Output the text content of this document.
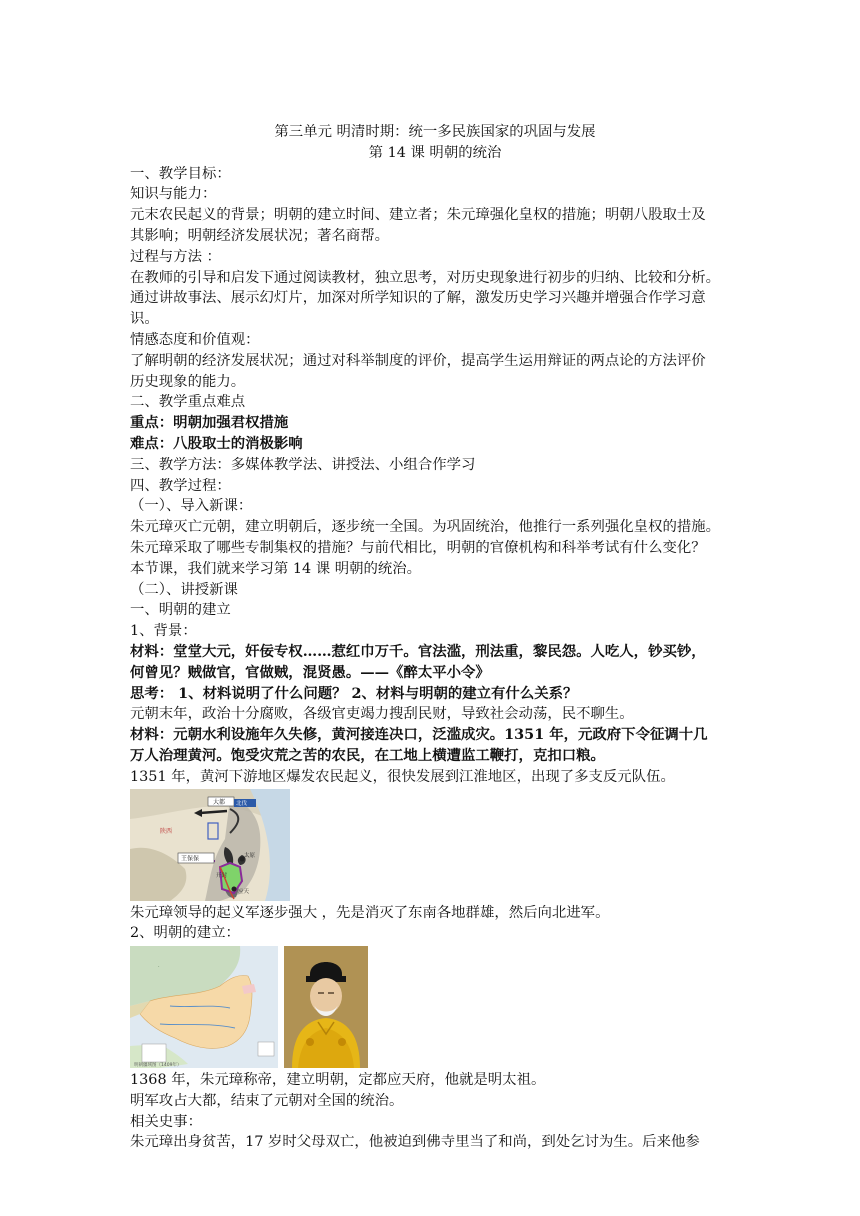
第三单元 明清时期：统一多民族国家的巩固与发展
第 14 课 明朝的统治
一、教学目标：
知识与能力：
元末农民起义的背景；明朝的建立时间、建立者；朱元璋强化皇权的措施；明朝八股取士及
其影响；明朝经济发展状况；著名商帮。
过程与方法 ：
在教师的引导和启发下通过阅读教材，独立思考，对历史现象进行初步的归纳、比较和分析。
通过讲故事法、展示幻灯片，加深对所学知识的了解，激发历史学习兴趣并增强合作学习意
识。
情感态度和价值观：
了解明朝的经济发展状况；通过对科举制度的评价，提高学生运用辩证的两点论的方法评价
历史现象的能力。
二、教学重点难点
重点：明朝加强君权措施
难点：八股取士的消极影响
三、教学方法：多媒体教学法、讲授法、小组合作学习
四、教学过程：
（一）、导入新课：
朱元璋灭亡元朝，建立明朝后，逐步统一全国。为巩固统治，他推行一系列强化皇权的措施。
朱元璋采取了哪些专制集权的措施？与前代相比，明朝的官僚机构和科举考试有什么变化？
本节课，我们就来学习第 14 课 明朝的统治。
（二）、讲授新课
一、明朝的建立
1、背景：
材料：堂堂大元，奸佞专权……惹红巾万千。官法滥，刑法重，黎民怨。人吃人，钞买钞，
何曾见？贼做官，官做贼，混贤愚。——《醉太平小令》
思考： 1、材料说明了什么问题？ 2、材料与明朝的建立有什么关系？
元朝末年，政治十分腐败，各级官吏竭力搜刮民财，导致社会动荡，民不聊生。
材料：元朝水利设施年久失修，黄河接连决口，泛滥成灾。1351 年，元政府下令征调十几
万人治理黄河。饱受灾荒之苦的农民，在工地上横遭监工鞭打，克扣口粮。
1351 年，黄河下游地区爆发农民起义，很快发展到江淮地区，出现了多支反元队伍。
陕西
大都 北伐
太原
开封
应天
王保保
朱元璋领导的起义军逐步强大 ，先是消灭了东南各地群雄，然后向北进军。
2、明朝的建立：
·
明朝疆域图（1409年）
1368 年，朱元璋称帝，建立明朝，定都应天府，他就是明太祖。
明军攻占大都，结束了元朝对全国的统治。
相关史事：
朱元璋出身贫苦，17 岁时父母双亡，他被迫到佛寺里当了和尚，到处乞讨为生。后来他参
